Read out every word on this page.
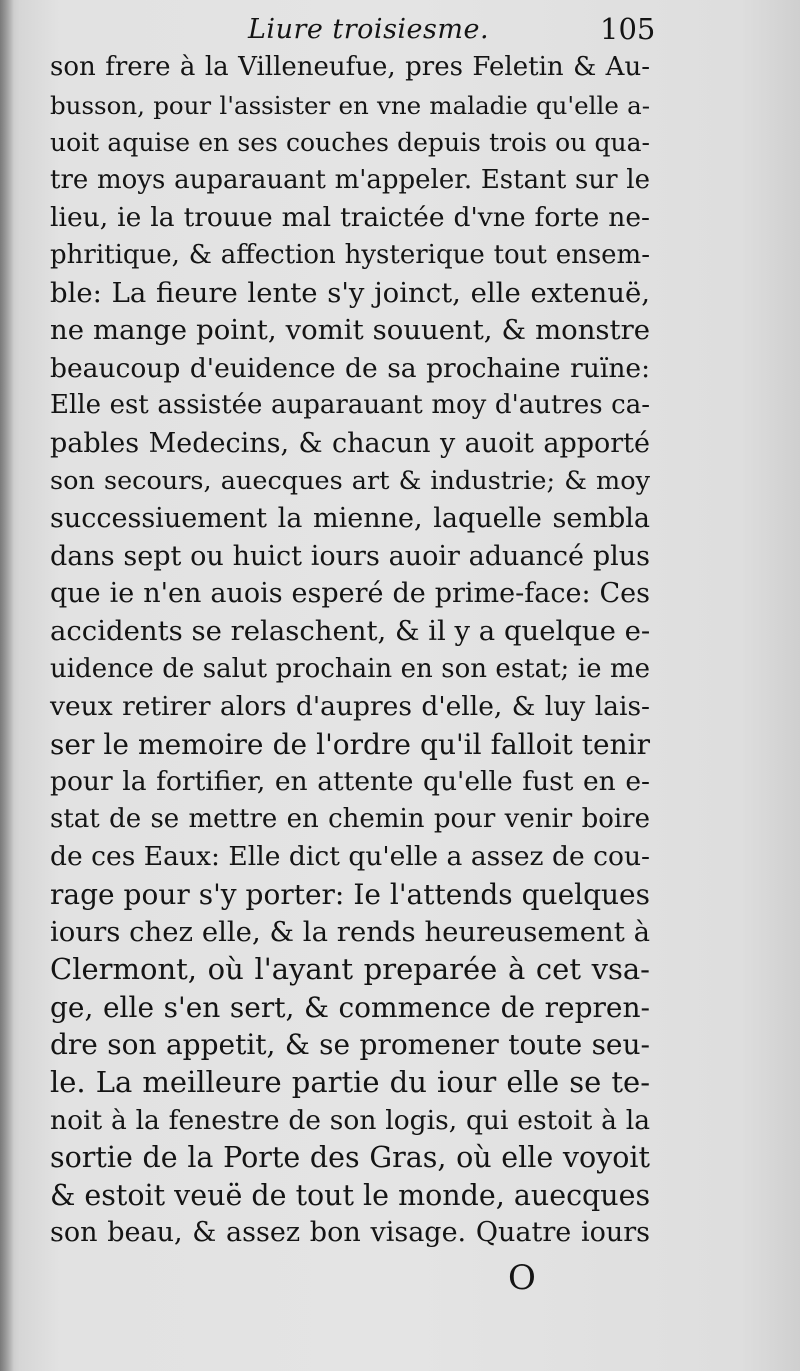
Liure troisiesme.	105
son frere à la Villeneufue, pres Feletin & Au-
busson, pour l'assister en vne maladie qu'elle a-
uoit aquise en ses couches depuis trois ou qua-
tre moys auparauant m'appeler. Estant sur le
lieu, ie la trouue mal traictée d'vne forte ne-
phritique, & affection hysterique tout ensem-
ble: La fieure lente s'y joinct, elle extenuë,
ne mange point, vomit souuent, & monstre
beaucoup d'euidence de sa prochaine ruïne:
Elle est assistée auparauant moy d'autres ca-
pables Medecins, & chacun y auoit apporté
son secours, auecques art & industrie; & moy
successiuement la mienne, laquelle sembla
dans sept ou huict iours auoir aduancé plus
que ie n'en auois esperé de prime-face: Ces
accidents se relaschent, & il y a quelque e-
uidence de salut prochain en son estat; ie me
veux retirer alors d'aupres d'elle, & luy lais-
ser le memoire de l'ordre qu'il falloit tenir
pour la fortifier, en attente qu'elle fust en e-
stat de se mettre en chemin pour venir boire
de ces Eaux: Elle dict qu'elle a assez de cou-
rage pour s'y porter: Ie l'attends quelques
iours chez elle, & la rends heureusement à
Clermont, où l'ayant preparée à cet vsa-
ge, elle s'en sert, & commence de repren-
dre son appetit, & se promener toute seu-
le. La meilleure partie du iour elle se te-
noit à la fenestre de son logis, qui estoit à la
sortie de la Porte des Gras, où elle voyoit
& estoit veuë de tout le monde, auecques
son beau, & assez bon visage. Quatre iours
O
